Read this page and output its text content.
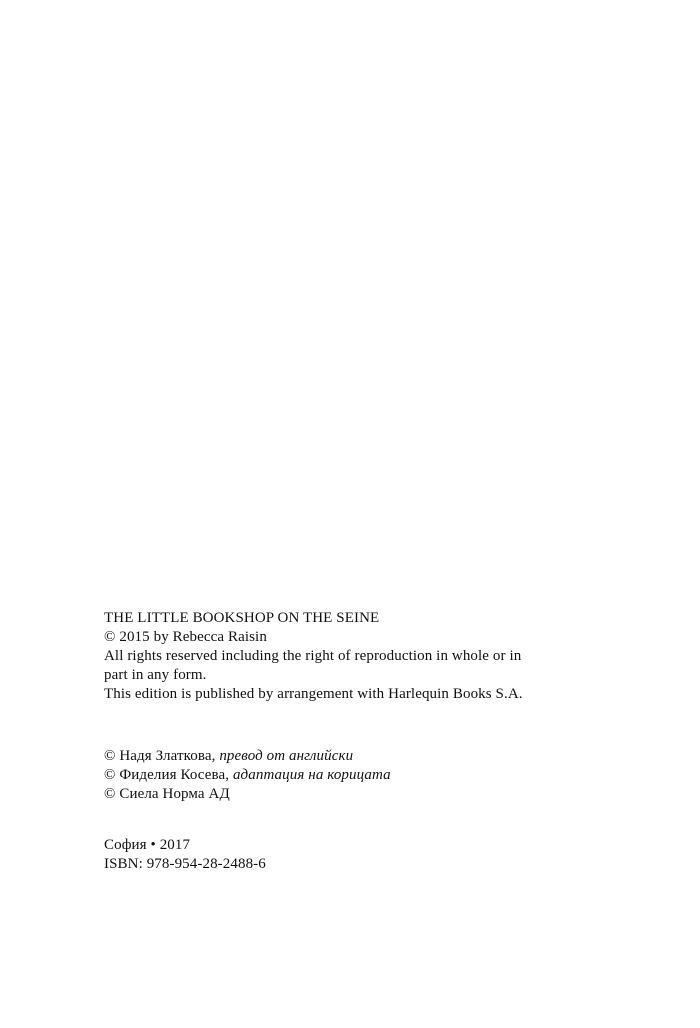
THE LITTLE BOOKSHOP ON THE SEINE
© 2015 by Rebecca Raisin
All rights reserved including the right of reproduction in whole or in
part in any form.
This edition is published by arrangement with Harlequin Books S.A.
© Надя Златкова, превод от английски
© Фиделия Косева, адаптация на корицата
© Сиела Норма АД
София • 2017
ISBN: 978-954-28-2488-6
